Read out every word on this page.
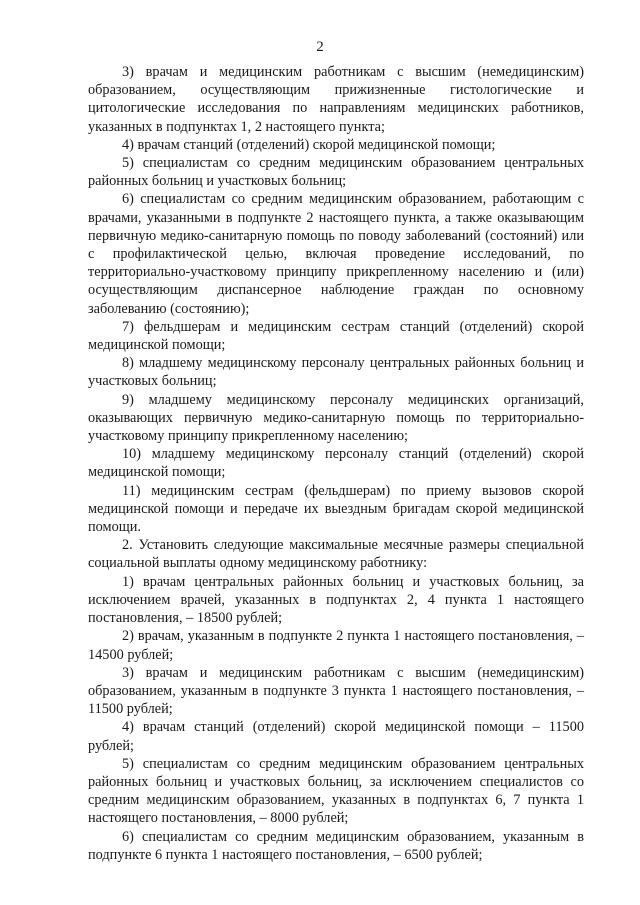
2

3) врачам и медицинским работникам с высшим (немедицинским) образованием, осуществляющим прижизненные гистологические и цитологические исследования по направлениям медицинских работников, указанных в подпунктах 1, 2 настоящего пункта;

4) врачам станций (отделений) скорой медицинской помощи;

5) специалистам со средним медицинским образованием центральных районных больниц и участковых больниц;

6) специалистам со средним медицинским образованием, работающим с врачами, указанными в подпункте 2 настоящего пункта, а также оказывающим первичную медико-санитарную помощь по поводу заболеваний (состояний) или с профилактической целью, включая проведение исследований, по территориально-участковому принципу прикрепленному населению и (или) осуществляющим диспансерное наблюдение граждан по основному заболеванию (состоянию);

7) фельдшерам и медицинским сестрам станций (отделений) скорой медицинской помощи;

8) младшему медицинскому персоналу центральных районных больниц и участковых больниц;

9) младшему медицинскому персоналу медицинских организаций, оказывающих первичную медико-санитарную помощь по территориально-участковому принципу прикрепленному населению;

10) младшему медицинскому персоналу станций (отделений) скорой медицинской помощи;

11) медицинским сестрам (фельдшерам) по приему вызовов скорой медицинской помощи и передаче их выездным бригадам скорой медицинской помощи.

2. Установить следующие максимальные месячные размеры специальной социальной выплаты одному медицинскому работнику:

1) врачам центральных районных больниц и участковых больниц, за исключением врачей, указанных в подпунктах 2, 4 пункта 1 настоящего постановления, – 18500 рублей;

2) врачам, указанным в подпункте 2 пункта 1 настоящего постановления, – 14500 рублей;

3) врачам и медицинским работникам с высшим (немедицинским) образованием, указанным в подпункте 3 пункта 1 настоящего постановления, – 11500 рублей;

4) врачам станций (отделений) скорой медицинской помощи – 11500 рублей;

5) специалистам со средним медицинским образованием центральных районных больниц и участковых больниц, за исключением специалистов со средним медицинским образованием, указанных в подпунктах 6, 7 пункта 1 настоящего постановления, – 8000 рублей;

6) специалистам со средним медицинским образованием, указанным в подпункте 6 пункта 1 настоящего постановления, – 6500 рублей;
